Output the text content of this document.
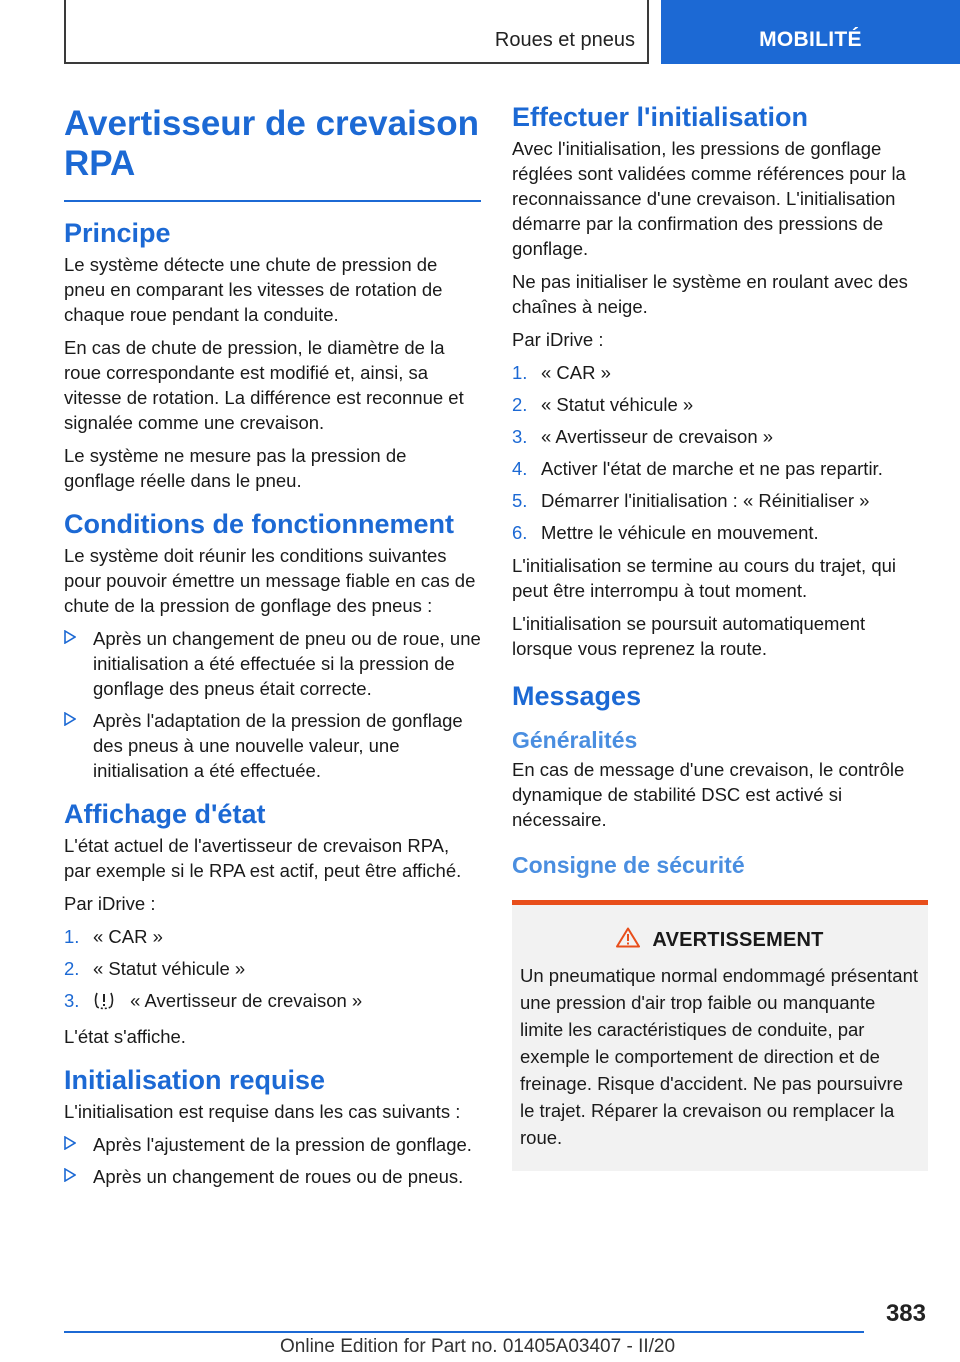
Roues et pneus	MOBILITÉ
Avertisseur de crevaison RPA
Principe

Le système détecte une chute de pression de pneu en comparant les vitesses de rotation de chaque roue pendant la conduite.

En cas de chute de pression, le diamètre de la roue correspondante est modifié et, ainsi, sa vitesse de rotation. La différence est reconnue et signalée comme une crevaison.

Le système ne mesure pas la pression de gonflage réelle dans le pneu.

Conditions de fonctionnement

Le système doit réunir les conditions suivantes pour pouvoir émettre un message fiable en cas de chute de la pression de gonflage des pneus :

Après un changement de pneu ou de roue, une initialisation a été effectuée si la pression de gonflage des pneus était correcte.
Après l'adaptation de la pression de gonflage des pneus à une nouvelle valeur, une initialisation a été effectuée.
Affichage d'état

L'état actuel de l'avertisseur de crevaison RPA, par exemple si le RPA est actif, peut être affiché.

Par iDrive :

1. « CAR »
2. « Statut véhicule »
3.	« Avertisseur de crevaison »

L'état s'affiche.

Initialisation requise

L'initialisation est requise dans les cas suivants :

Après l'ajustement de la pression de gonflage.
Après un changement de roues ou de pneus.
Effectuer l'initialisation

Avec l'initialisation, les pressions de gonflage réglées sont validées comme références pour la reconnaissance d'une crevaison. L'initialisation démarre par la confirmation des pressions de gonflage.

Ne pas initialiser le système en roulant avec des chaînes à neige.

Par iDrive :

1. « CAR »
2. « Statut véhicule »
3. « Avertisseur de crevaison »
4. Activer l'état de marche et ne pas repartir.
5. Démarrer l'initialisation : « Réinitialiser »
6. Mettre le véhicule en mouvement.

L'initialisation se termine au cours du trajet, qui peut être interrompu à tout moment.

L'initialisation se poursuit automatiquement lorsque vous reprenez la route.

Messages
Généralités

En cas de message d'une crevaison, le contrôle dynamique de stabilité DSC est activé si nécessaire.

Consigne de sécurité
AVERTISSEMENT

Un pneumatique normal endommagé présentant une pression d'air trop faible ou manquante limite les caractéristiques de conduite, par exemple le comportement de direction et de freinage. Risque d'accident. Ne pas poursuivre le trajet. Réparer la crevaison ou remplacer la roue.

383
Online Edition for Part no. 01405A03407 - II/20
